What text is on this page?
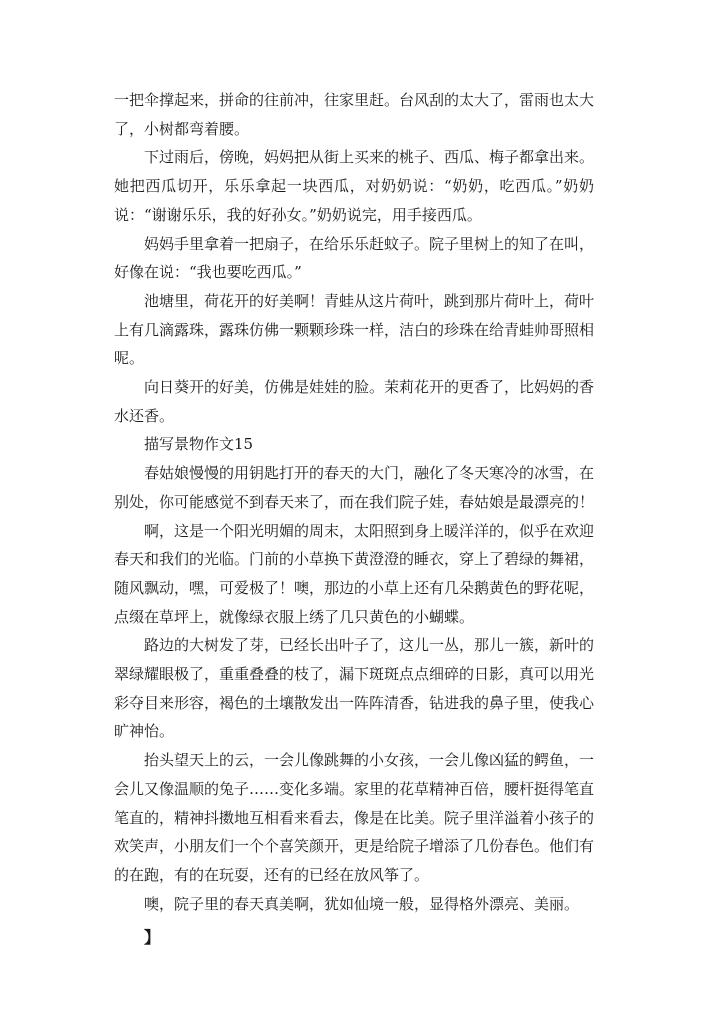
一把伞撑起来，拼命的往前冲，往家里赶。台风刮的太大了，雷雨也太大了，小树都弯着腰。

下过雨后，傍晚，妈妈把从街上买来的桃子、西瓜、梅子都拿出来。她把西瓜切开，乐乐拿起一块西瓜，对奶奶说：“奶奶，吃西瓜。”奶奶说：“谢谢乐乐，我的好孙女。”奶奶说完，用手接西瓜。

妈妈手里拿着一把扇子，在给乐乐赶蚊子。院子里树上的知了在叫，好像在说：“我也要吃西瓜。”

池塘里，荷花开的好美啊！青蛙从这片荷叶，跳到那片荷叶上，荷叶上有几滴露珠，露珠仿佛一颗颗珍珠一样，洁白的珍珠在给青蛙帅哥照相呢。

向日葵开的好美，仿佛是娃娃的脸。茉莉花开的更香了，比妈妈的香水还香。

描写景物作文15

春姑娘慢慢的用钥匙打开的春天的大门，融化了冬天寒冷的冰雪，在别处，你可能感觉不到春天来了，而在我们院子娃，春姑娘是最漂亮的！

啊，这是一个阳光明媚的周末，太阳照到身上暖洋洋的，似乎在欢迎春天和我们的光临。门前的小草换下黄澄澄的睡衣，穿上了碧绿的舞裙，随风飘动，嘿，可爱极了！噢，那边的小草上还有几朵鹅黄色的野花呢，点缀在草坪上，就像绿衣服上绣了几只黄色的小蝴蝶。

路边的大树发了芽，已经长出叶子了，这儿一丛，那儿一簇，新叶的翠绿耀眼极了，重重叠叠的枝了，漏下斑斑点点细碎的日影，真可以用光彩夺目来形容，褐色的土壤散发出一阵阵清香，钻进我的鼻子里，使我心旷神怡。

抬头望天上的云，一会儿像跳舞的小女孩，一会儿像凶猛的鳄鱼，一会儿又像温顺的兔子……变化多端。家里的花草精神百倍，腰杆挺得笔直笔直的，精神抖擞地互相看来看去，像是在比美。院子里洋溢着小孩子的欢笑声，小朋友们一个个喜笑颜开，更是给院子增添了几份春色。他们有的在跑，有的在玩耍，还有的已经在放风筝了。

噢，院子里的春天真美啊，犹如仙境一般，显得格外漂亮、美丽。

】
